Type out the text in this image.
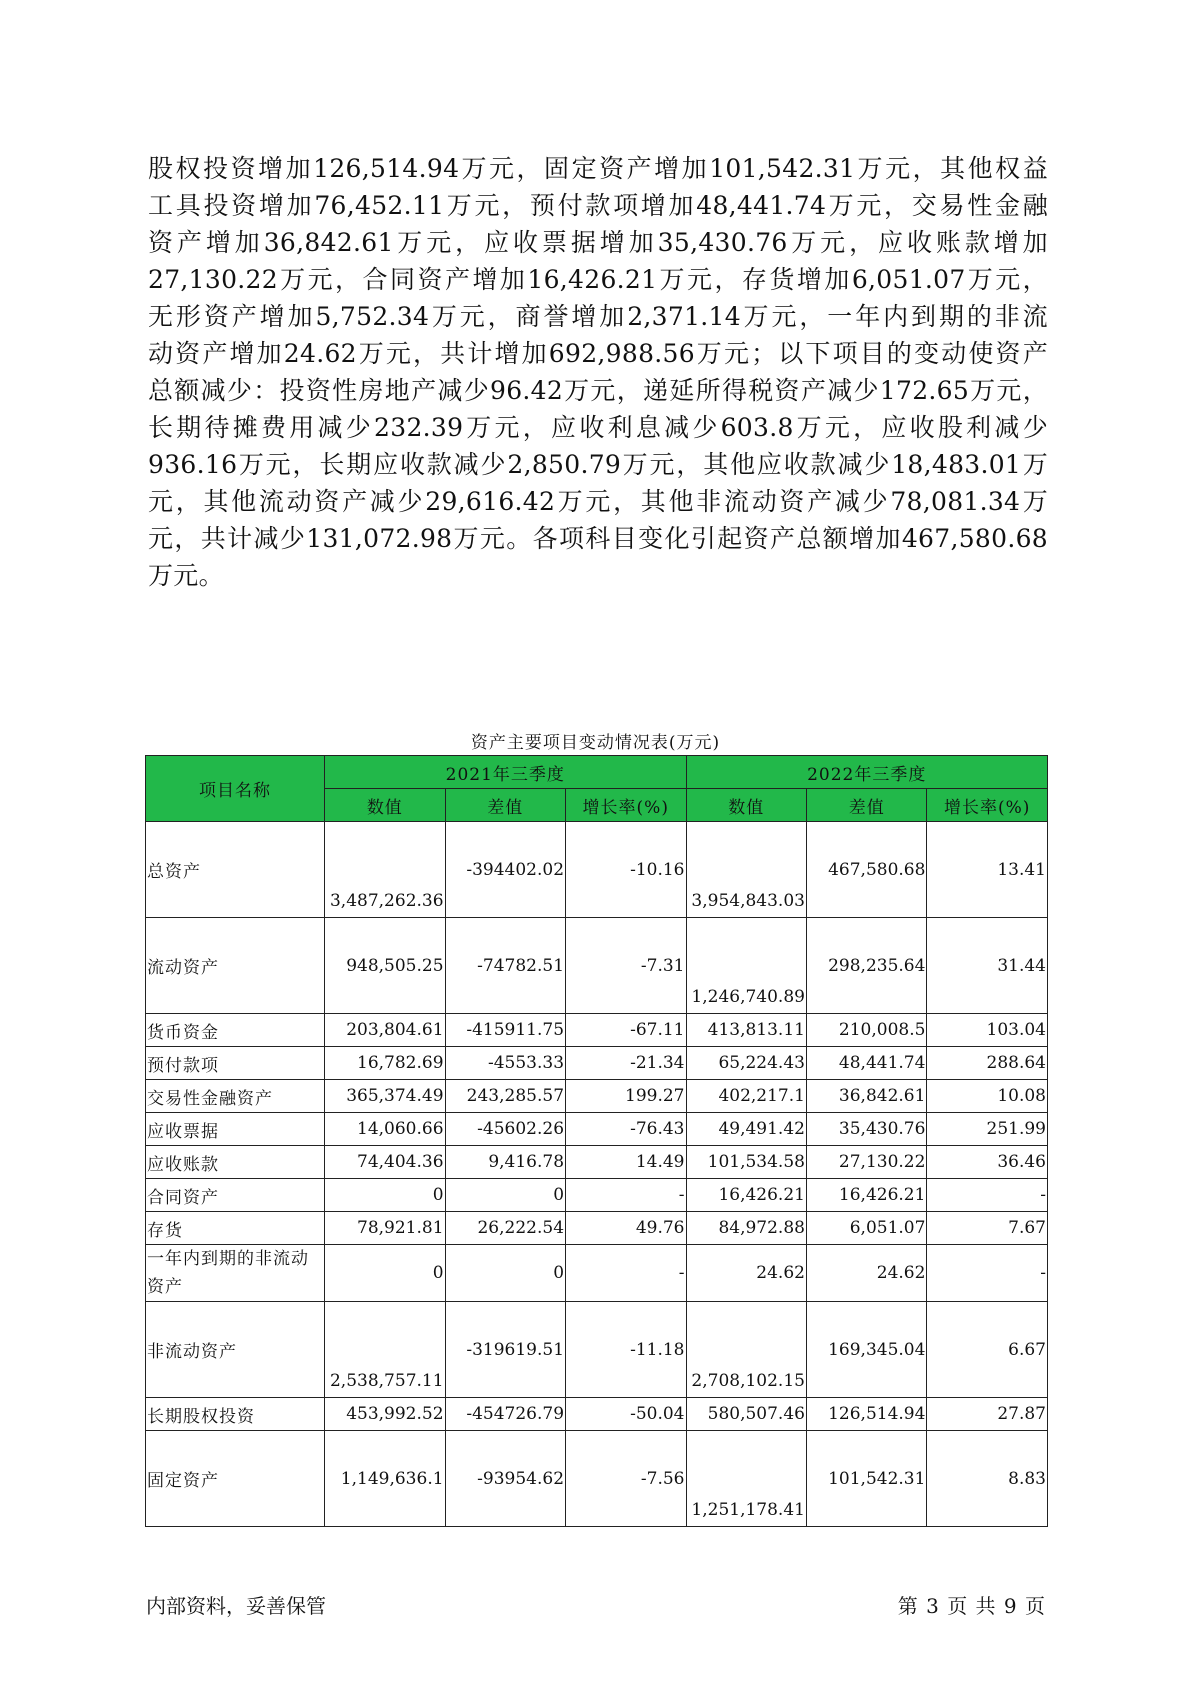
股权投资增加126,514.94万元，固定资产增加101,542.31万元，其他权益
工具投资增加76,452.11万元，预付款项增加48,441.74万元，交易性金融
资产增加36,842.61万元，应收票据增加35,430.76万元，应收账款增加
27,130.22万元，合同资产增加16,426.21万元，存货增加6,051.07万元，
无形资产增加5,752.34万元，商誉增加2,371.14万元，一年内到期的非流
动资产增加24.62万元，共计增加692,988.56万元；以下项目的变动使资产
总额减少：投资性房地产减少96.42万元，递延所得税资产减少172.65万元，
长期待摊费用减少232.39万元，应收利息减少603.8万元，应收股利减少
936.16万元，长期应收款减少2,850.79万元，其他应收款减少18,483.01万
元，其他流动资产减少29,616.42万元，其他非流动资产减少78,081.34万
元，共计减少131,072.98万元。各项科目变化引起资产总额增加467,580.68
万元。
资产主要项目变动情况表(万元)
项目名称	2021年三季度			2022年三季度		
	数值	差值	增长率(%)	数值	差值	增长率(%)
总资产	3,487,262.36	-394402.02	-10.16	3,954,843.03	467,580.68	13.41
流动资产	948,505.25	-74782.51	-7.31	1,246,740.89	298,235.64	31.44
货币资金	203,804.61	-415911.75	-67.11	413,813.11	210,008.5	103.04
预付款项	16,782.69	-4553.33	-21.34	65,224.43	48,441.74	288.64
交易性金融资产	365,374.49	243,285.57	199.27	402,217.1	36,842.61	10.08
应收票据	14,060.66	-45602.26	-76.43	49,491.42	35,430.76	251.99
应收账款	74,404.36	9,416.78	14.49	101,534.58	27,130.22	36.46
合同资产	0	0	-	16,426.21	16,426.21	-
存货	78,921.81	26,222.54	49.76	84,972.88	6,051.07	7.67
一年内到期的非流动资产	0	0	-	24.62	24.62	-
非流动资产	2,538,757.11	-319619.51	-11.18	2,708,102.15	169,345.04	6.67
长期股权投资	453,992.52	-454726.79	-50.04	580,507.46	126,514.94	27.87
固定资产	1,149,636.1	-93954.62	-7.56	1,251,178.41	101,542.31	8.83
内部资料，妥善保管	第 3 页 共 9 页
